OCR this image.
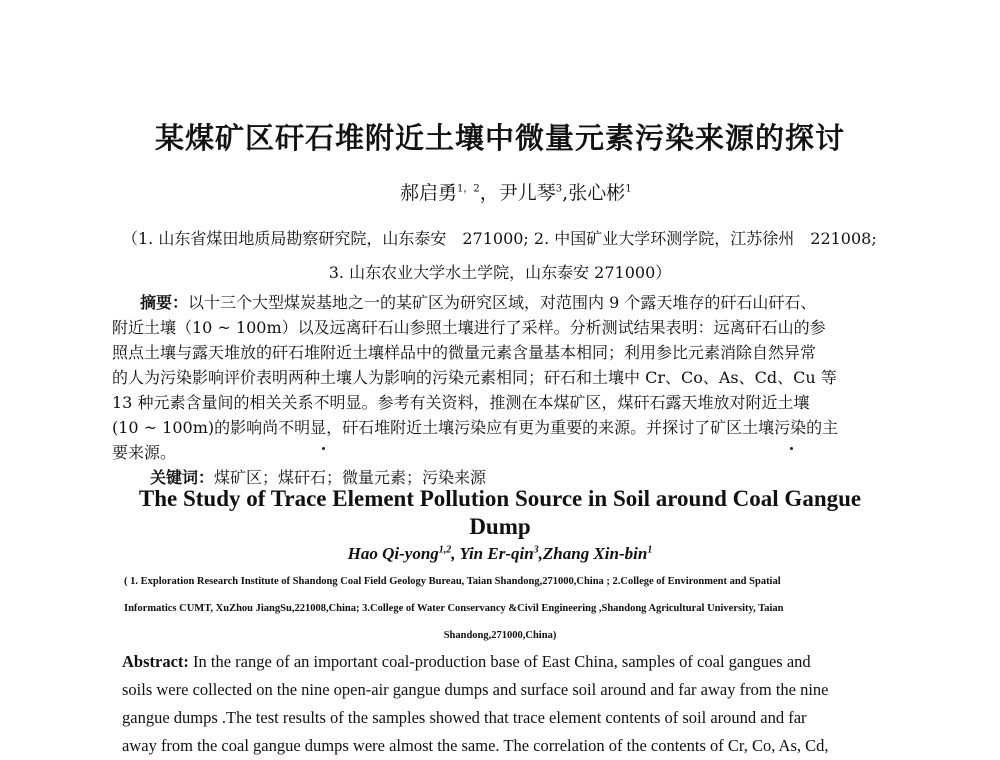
某煤矿区矸石堆附近土壤中微量元素污染来源的探讨
郝启勇$^{1,2}$，尹儿琴$^3$,张心彬$^1$
（1. 山东省煤田地质局勘察研究院，山东泰安　271000; 2. 中国矿业大学环测学院，江苏徐州　221008;
3. 山东农业大学水土学院，山东泰安 271000）
摘要：以十三个大型煤炭基地之一的某矿区为研究区域，对范围内 9 个露天堆存的矸石山矸石、
附近土壤（10 ~ 100m）以及远离矸石山参照土壤进行了采样。分析测试结果表明：远离矸石山的参
照点土壤与露天堆放的矸石堆附近土壤样品中的微量元素含量基本相同；利用参比元素消除自然异常
的人为污染影响评价表明两种土壤人为影响的污染元素相同；矸石和土壤中 Cr、Co、As、Cd、Cu 等
13 种元素含量间的相关关系不明显。参考有关资料，推测在本煤矿区，煤矸石露天堆放对附近土壤
(10 ~ 100m)的影响尚不明显，矸石堆附近土壤污染应有更为重要的来源。并探讨了矿区土壤污染的主
要来源。
关键词：煤矿区；煤矸石；微量元素；污染来源
The Study of Trace Element Pollution Source in Soil around Coal Gangue
Dump
Hao Qi-yong$^{1,2}$, Yin Er-qin$^3$,Zhang Xin-bin$^1$
( 1. Exploration Research Institute of Shandong Coal Field Geology Bureau, Taian Shandong,271000,China ; 2.College of Environment and Spatial
Informatics CUMT, XuZhou JiangSu,221008,China; 3.College of Water Conservancy &Civil Engineering ,Shandong Agricultural University, Taian
Shandong,271000,China)
Abstract: In the range of an important coal-production base of East China, samples of coal gangues and
soils were collected on the nine open-air gangue dumps and surface soil around and far away from the nine
gangue dumps .The test results of the samples showed that trace element contents of soil around and far
away from the coal gangue dumps were almost the same. The correlation of the contents of Cr, Co, As, Cd,
